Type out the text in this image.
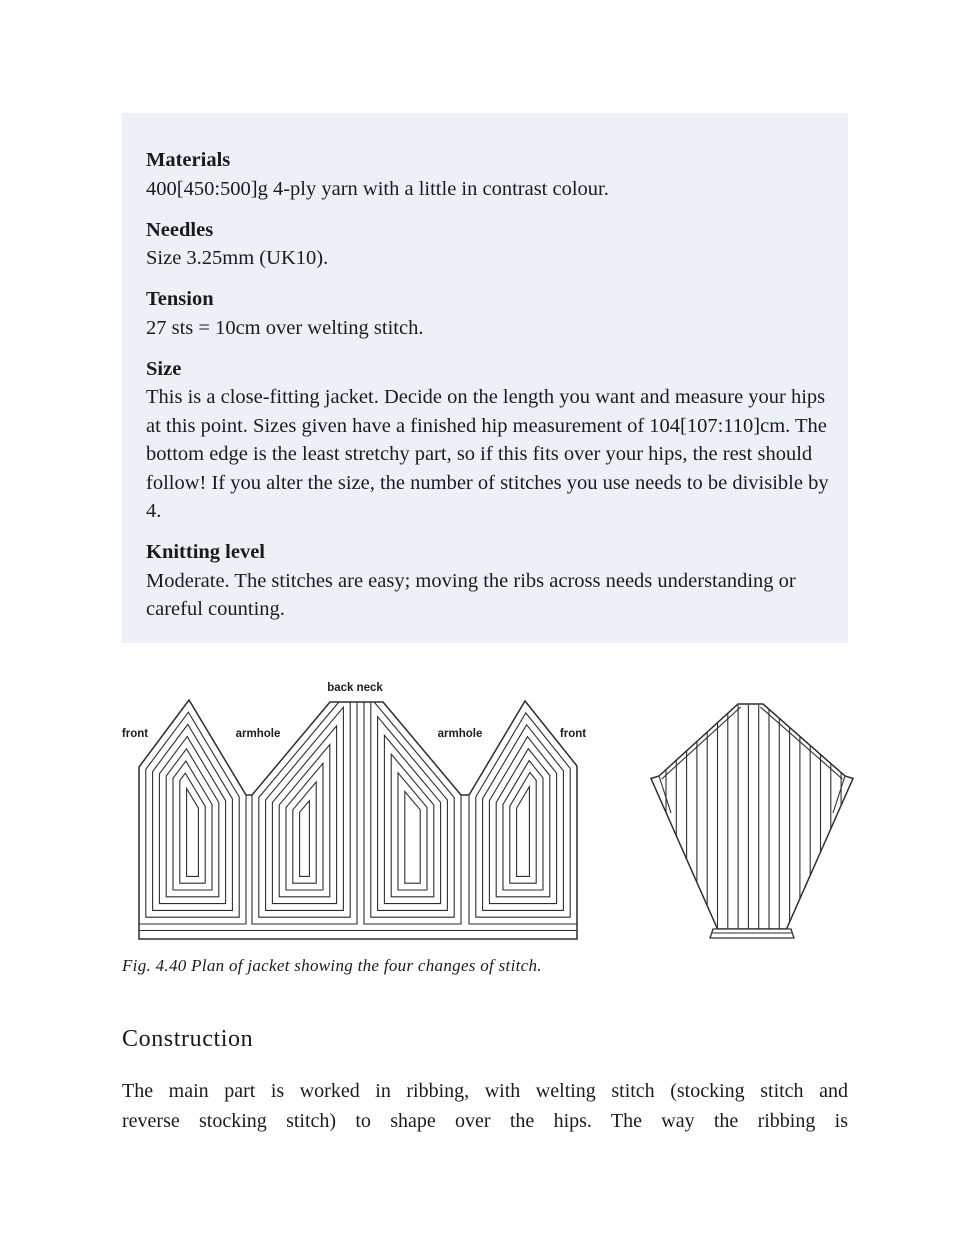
Materials

400[450:500]g 4-ply yarn with a little in contrast colour.

Needles

Size 3.25mm (UK10).

Tension

27 sts = 10cm over welting stitch.

Size

This is a close-fitting jacket. Decide on the length you want and measure your hips at this point. Sizes given have a finished hip measurement of 104[107:110]cm. The bottom edge is the least stretchy part, so if this fits over your hips, the rest should follow! If you alter the size, the number of stitches you use needs to be divisible by 4.

Knitting level

Moderate. The stitches are easy; moving the ribs across needs understanding or careful counting.

front	armhole
back neck
armhole	front
Fig. 4.40 Plan of jacket showing the four changes of stitch.
Construction
The main part is worked in ribbing, with welting stitch (stocking stitch and
reverse stocking stitch) to shape over the hips. The way the ribbing is
